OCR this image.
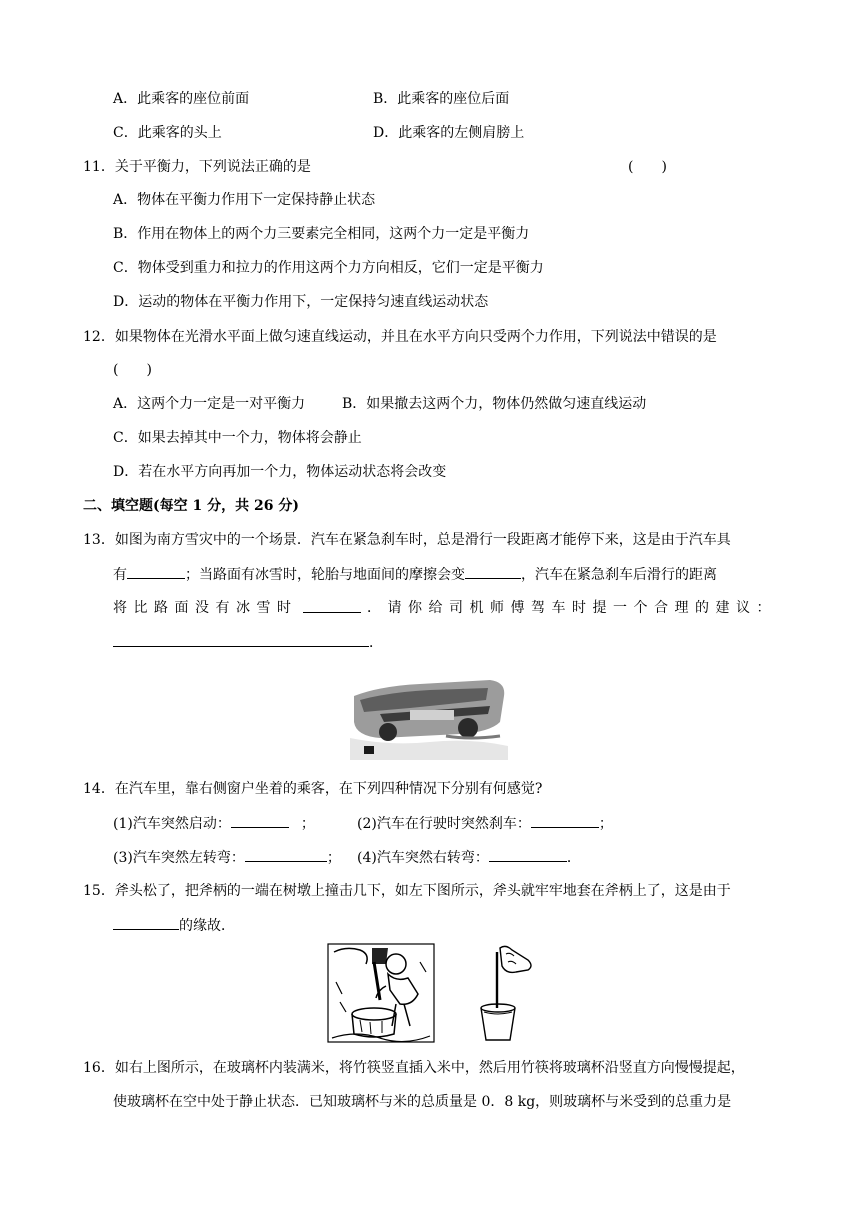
A．此乘客的座位前面	B．此乘客的座位后面
C．此乘客的头上	D．此乘客的左侧肩膀上
11．关于平衡力，下列说法正确的是	(　　)
A．物体在平衡力作用下一定保持静止状态
B．作用在物体上的两个力三要素完全相同，这两个力一定是平衡力
C．物体受到重力和拉力的作用这两个力方向相反，它们一定是平衡力
D．运动的物体在平衡力作用下，一定保持匀速直线运动状态
12．如果物体在光滑水平面上做匀速直线运动，并且在水平方向只受两个力作用，下列说法中错误的是
(　　)
A．这两个力一定是一对平衡力	B．如果撤去这两个力，物体仍然做匀速直线运动
C．如果去掉其中一个力，物体将会静止
D．若在水平方向再加一个力，物体运动状态将会改变
二、填空题(每空 1 分，共 26 分)
13．如图为南方雪灾中的一个场景．汽车在紧急刹车时，总是滑行一段距离才能停下来，这是由于汽车具
有	；当路面有冰雪时，轮胎与地面间的摩擦会变	，汽车在紧急刹车后滑行的距离
将比路面没有冰雪时	．请你给司机师傅驾车时提一个合理的建议：
．
14．在汽车里，靠右侧窗户坐着的乘客，在下列四种情况下分别有何感觉?
(1)汽车突然启动：	；	(2)汽车在行驶时突然刹车：	；
(3)汽车突然左转弯：	； (4)汽车突然右转弯：	．
15．斧头松了，把斧柄的一端在树墩上撞击几下，如左下图所示，斧头就牢牢地套在斧柄上了，这是由于
的缘故．
16．如右上图所示，在玻璃杯内装满米，将竹筷竖直插入米中，然后用竹筷将玻璃杯沿竖直方向慢慢提起，
使玻璃杯在空中处于静止状态．已知玻璃杯与米的总质量是 0．8 kg，则玻璃杯与米受到的总重力是
